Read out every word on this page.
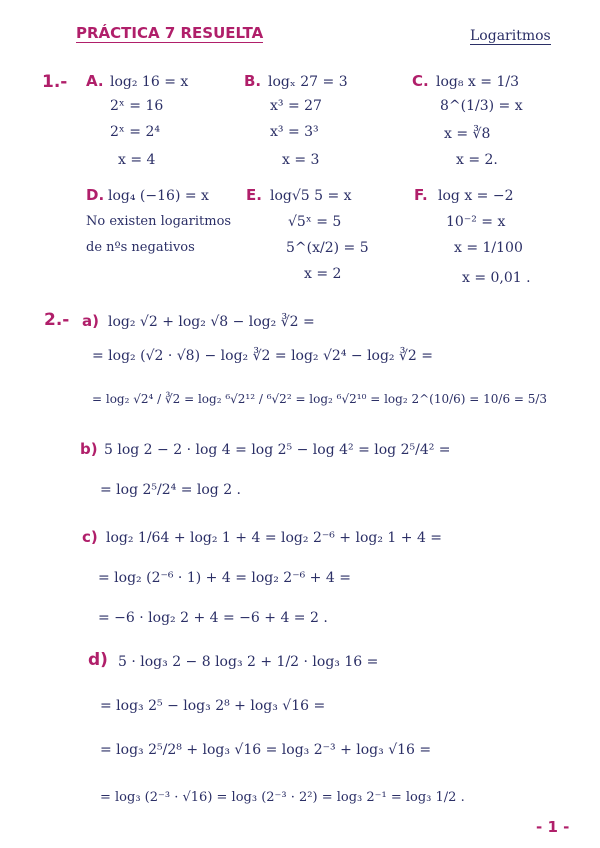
PRÁCTICA 7 RESUELTA	Logaritmos
1.- A. log₂ 16 = x
2ˣ = 16
2ˣ = 2⁴
x = 4
B. logₓ 27 = 3
x³ = 27
x³ = 3³
x = 3
C. log₈ x = 1/3
8^(1/3) = x
x = ∛8
x = 2.
D. log₄ (−16) = x
No existen logaritmos
de nºs negativos
E. log√5 5 = x
√5ˣ = 5
5^(x/2) = 5
x = 2
F. log x = −2
10⁻² = x
x = 1/100
x = 0,01 .
2.- a) log₂ √2 + log₂ √8 − log₂ ∛2 =
= log₂ (√2 · √8) − log₂ ∛2 = log₂ √2⁴ − log₂ ∛2 =
= log₂ √2⁴ / ∛2 = log₂ ⁶√2¹² / ⁶√2² = log₂ ⁶√2¹⁰ = log₂ 2^(10/6) = 10/6 = 5/3
b) 5 log 2 − 2 · log 4 = log 2⁵ − log 4² = log 2⁵/4² =
= log 2⁵/2⁴ = log 2 .
c) log₂ 1/64 + log₂ 1 + 4 = log₂ 2⁻⁶ + log₂ 1 + 4 =
= log₂ (2⁻⁶ · 1) + 4 = log₂ 2⁻⁶ + 4 =
= −6 · log₂ 2 + 4 = −6 + 4 = 2 .
d) 5 · log₃ 2 − 8 log₃ 2 + 1/2 · log₃ 16 =
= log₃ 2⁵ − log₃ 2⁸ + log₃ √16 =
= log₃ 2⁵/2⁸ + log₃ √16 = log₃ 2⁻³ + log₃ √16 =
= log₃ (2⁻³ · √16) = log₃ (2⁻³ · 2²) = log₃ 2⁻¹ = log₃ 1/2 .
- 1 -
